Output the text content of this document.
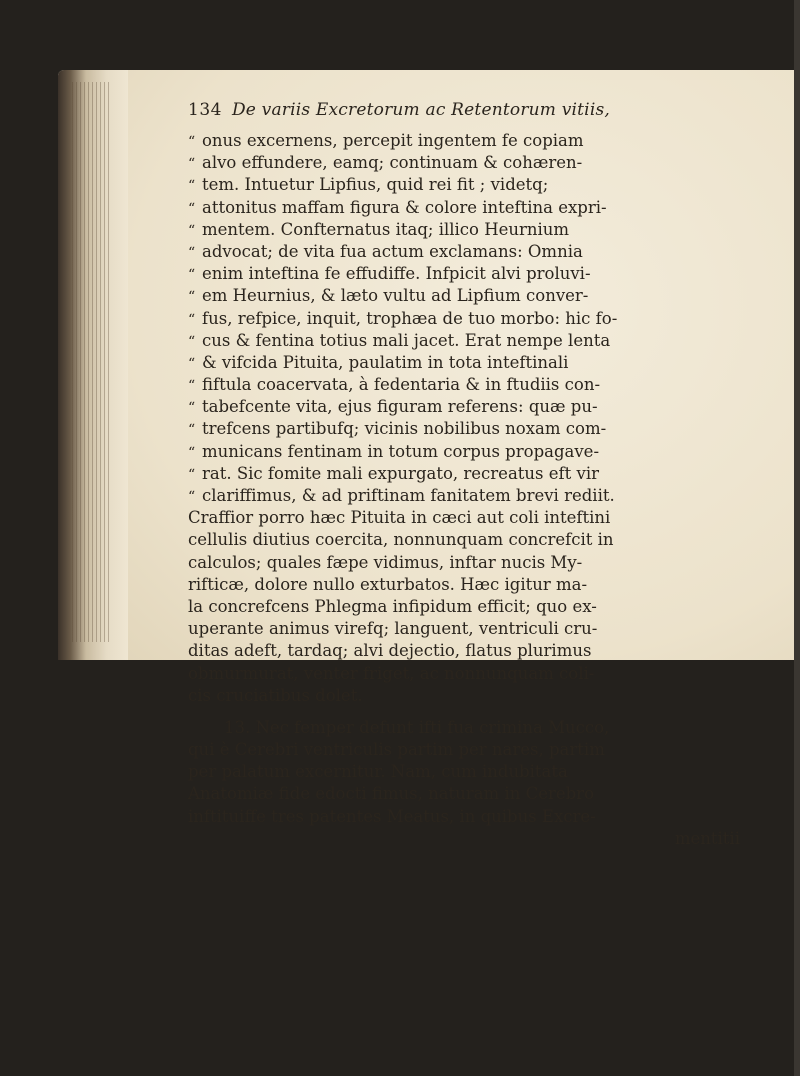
134 De variis Excretorum ac Retentorum vitiis,
“ onus excernens, percepit ingentem fe copiam
“ alvo effundere, eamq; continuam & cohæren-
“ tem. Intuetur Lipfius, quid rei fit ; videtq;
“ attonitus maffam figura & colore inteftina expri-
“ mentem. Confternatus itaq; illico Heurnium
“ advocat; de vita fua actum exclamans: Omnia
“ enim inteftina fe effudiffe. Infpicit alvi proluvi-
“ em Heurnius, & læto vultu ad Lipfium conver-
“ fus, refpice, inquit, trophæa de tuo morbo: hic fo-
“ cus & fentina totius mali jacet. Erat nempe lenta
“ & vifcida Pituita, paulatim in tota inteftinali
“ fiftula coacervata, à fedentaria & in ftudiis con-
“ tabefcente vita, ejus figuram referens: quæ pu-
“ trefcens partibufq; vicinis nobilibus noxam com-
“ municans fentinam in totum corpus propagave-
“ rat. Sic fomite mali expurgato, recreatus eft vir
“ clariffimus, & ad priftinam fanitatem brevi rediit.
Craffior porro hæc Pituita in cæci aut coli inteftini
cellulis diutius coercita, nonnunquam concrefcit in
calculos; quales fæpe vidimus, inftar nucis My-
rifticæ, dolore nullo exturbatos. Hæc igitur ma-
la concrefcens Phlegma infipidum efficit; quo ex-
uperante animus virefq; languent, ventriculi cru-
ditas adeft, tardaq; alvi dejectio, flatus plurimus
obmurmurat, venter friget, ac nonnunquam coli-
cis cruciatibus dolet.
13. Nec femper defunt ifti fua crimina Mucco,
qui è Cerebri ventriculis partim per nares, partim
per palatum excernitur. Nam, cum indubitata
Anatomiæ fide edocti fimus, naturam in Cerebro
inftituiffe tres patentes Meatus, in quibus Excre-
mentitii
